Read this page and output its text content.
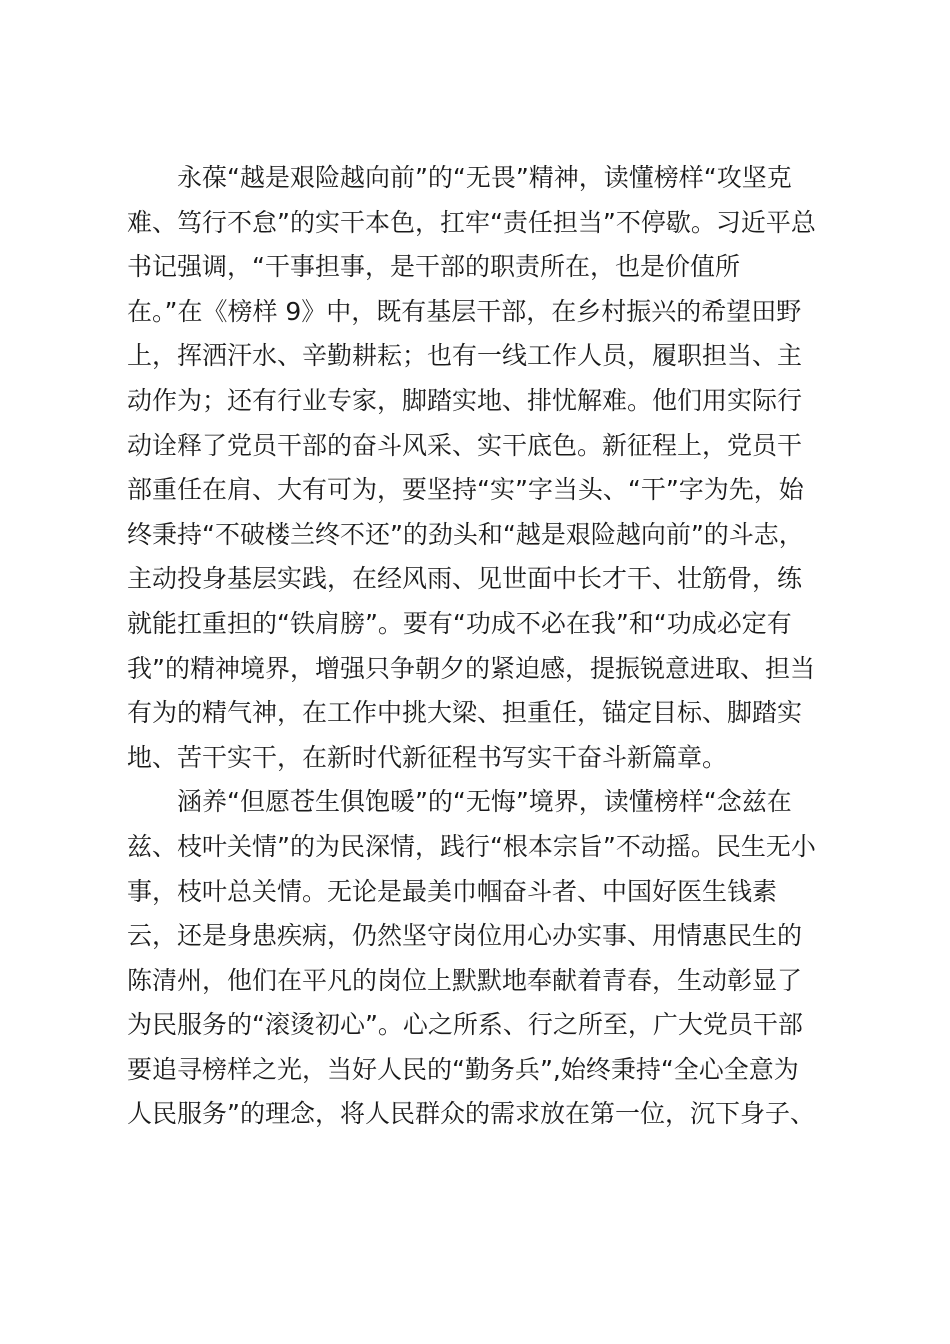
永葆“越是艰险越向前”的“无畏”精神，读懂榜样“攻坚克
难、笃行不怠”的实干本色，扛牢“责任担当”不停歇。习近平总
书记强调，“干事担事，是干部的职责所在，也是价值所
在。”在《榜样 9》中，既有基层干部，在乡村振兴的希望田野
上，挥洒汗水、辛勤耕耘；也有一线工作人员，履职担当、主
动作为；还有行业专家，脚踏实地、排忧解难。他们用实际行
动诠释了党员干部的奋斗风采、实干底色。新征程上，党员干
部重任在肩、大有可为，要坚持“实”字当头、“干”字为先，始
终秉持“不破楼兰终不还”的劲头和“越是艰险越向前”的斗志，
主动投身基层实践，在经风雨、见世面中长才干、壮筋骨，练
就能扛重担的“铁肩膀”。要有“功成不必在我”和“功成必定有
我”的精神境界，增强只争朝夕的紧迫感，提振锐意进取、担当
有为的精气神，在工作中挑大梁、担重任，锚定目标、脚踏实
地、苦干实干，在新时代新征程书写实干奋斗新篇章。
涵养“但愿苍生俱饱暖”的“无悔”境界，读懂榜样“念兹在
兹、枝叶关情”的为民深情，践行“根本宗旨”不动摇。民生无小
事，枝叶总关情。无论是最美巾帼奋斗者、中国好医生钱素
云，还是身患疾病，仍然坚守岗位用心办实事、用情惠民生的
陈清州，他们在平凡的岗位上默默地奉献着青春，生动彰显了
为民服务的“滚烫初心”。心之所系、行之所至，广大党员干部
要追寻榜样之光，当好人民的“勤务兵”,始终秉持“全心全意为
人民服务”的理念，将人民群众的需求放在第一位，沉下身子、
